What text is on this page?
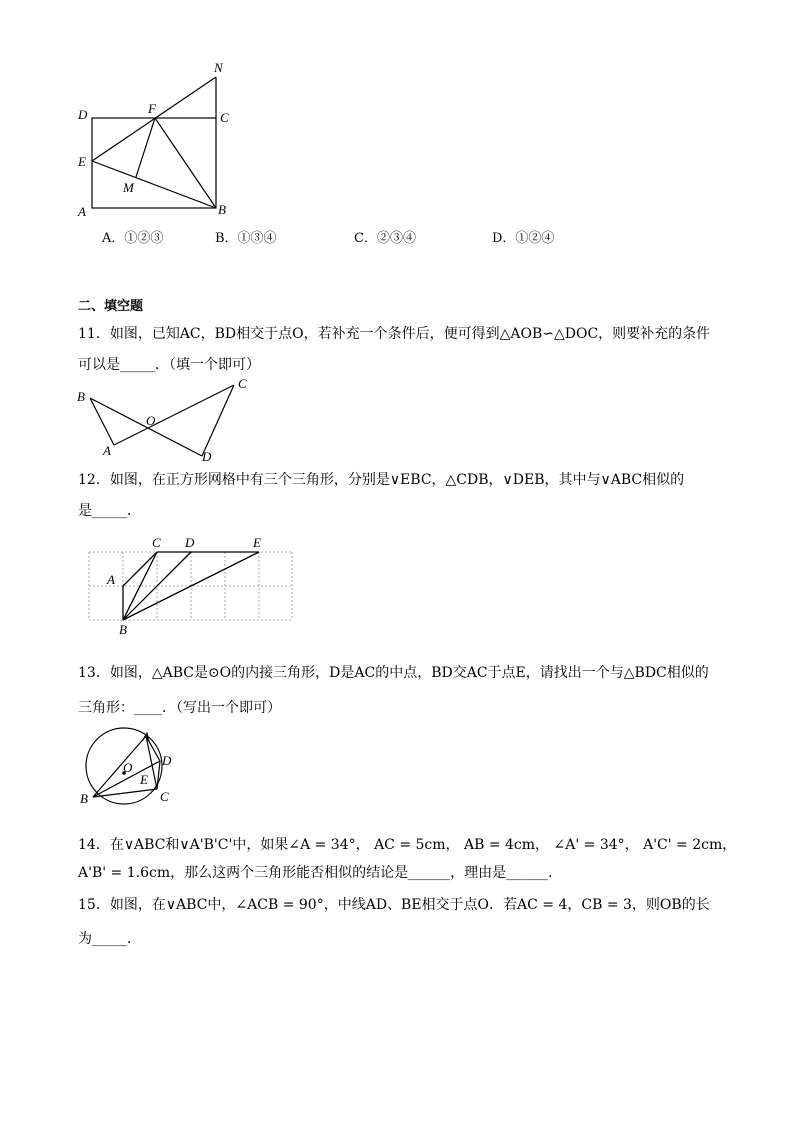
N
D	F
C
E
M
A	B
A．①②③	B．①③④	C．②③④	D．①②④
二、填空题
11．如图，已知AC，BD相交于点O，若补充一个条件后，便可得到△AOB∽△DOC，则要补充的条件
可以是_____．（填一个即可）
B
O
C
A	D
12．如图，在正方形网格中有三个三角形，分别是∨EBC，△CDB，∨DEB，其中与∨ABC相似的
是_____．
C D	E
A
B
13．如图，△ABC是⊙O的内接三角形，D是AC的中点，BD交AC于点E，请找出一个与△BDC相似的
三角形：____．（写出一个即可）
A
D
O
E
B	C
14．在∨ABC和∨A'B'C'中，如果∠A = 34°， AC = 5cm， AB = 4cm， ∠A' = 34°， A'C' = 2cm，
A'B' = 1.6cm，那么这两个三角形能否相似的结论是______，理由是______．
15．如图，在∨ABC中，∠ACB = 90°，中线AD、BE相交于点O．若AC = 4，CB = 3，则OB的长
为_____．
